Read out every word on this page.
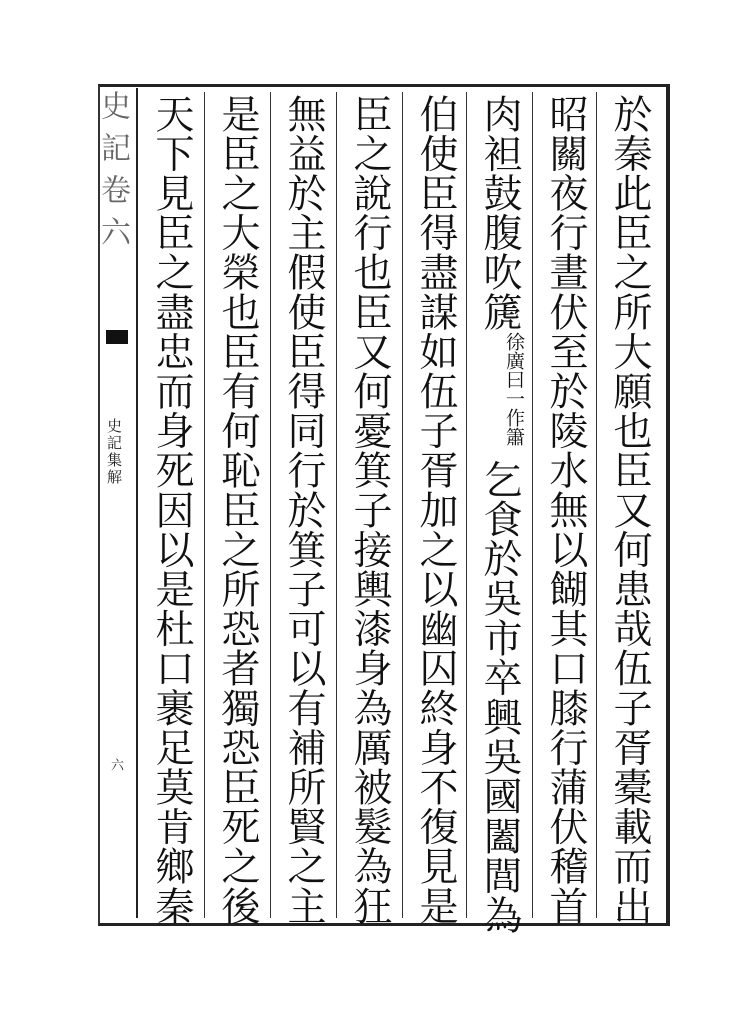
史記卷六
史記集解
六	於秦此臣之所大願也臣又何患哉伍子胥橐載而出
昭關夜行晝伏至於陵水無以餬其口膝行蒲伏稽首
肉袒鼓腹吹篪徐廣曰一作簫乞食於吳市卒興吳國闔閭為
伯使臣得盡謀如伍子胥加之以幽囚終身不復見是
臣之說行也臣又何憂箕子接輿漆身為厲被髮為狂
無益於主假使臣得同行於箕子可以有補所賢之主
是臣之大榮也臣有何恥臣之所恐者獨恐臣死之後
天下見臣之盡忠而身死因以是杜口裹足莫肯鄉秦
